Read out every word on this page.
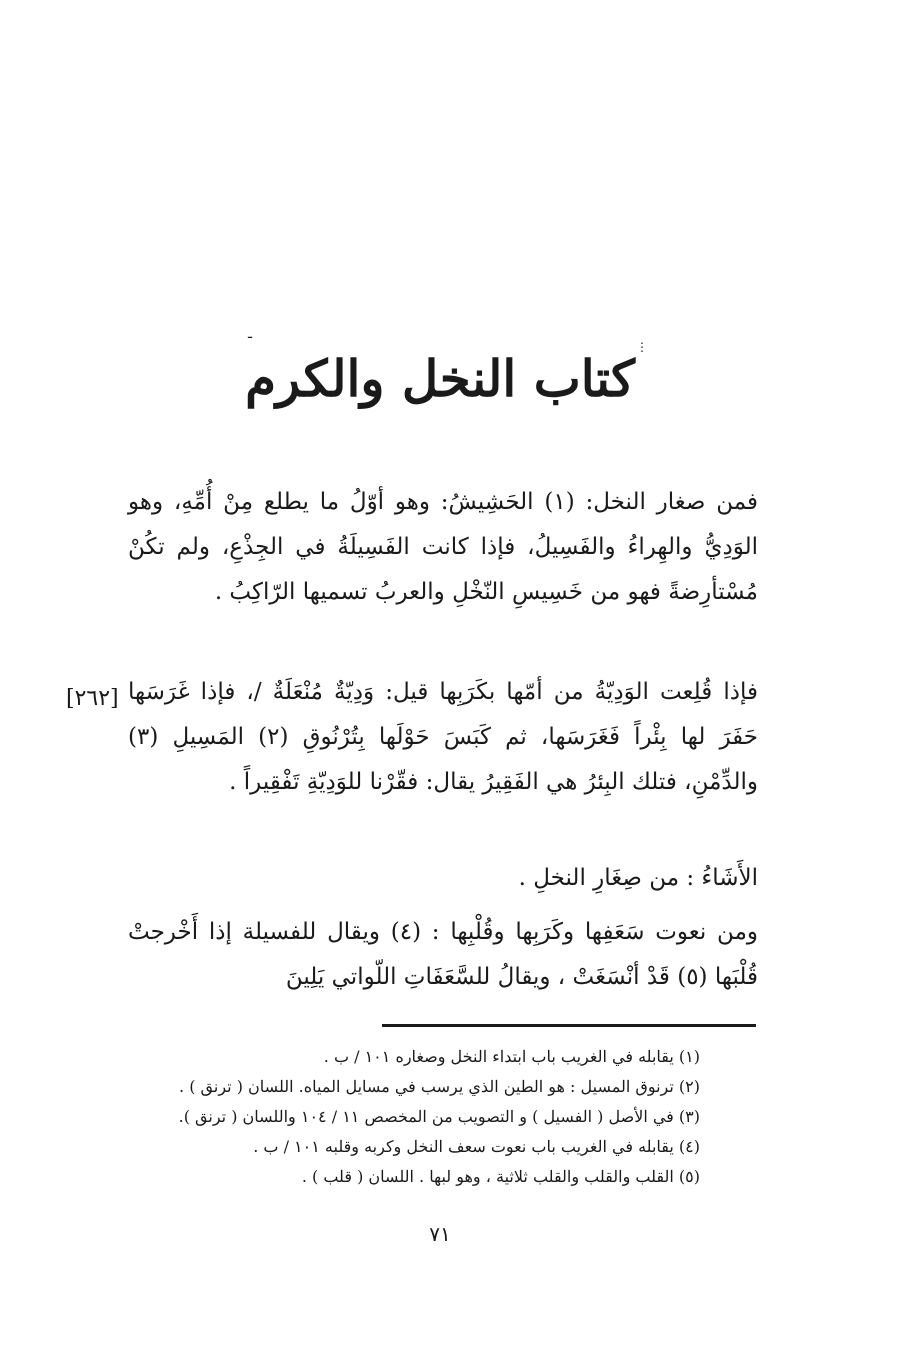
ـ
كتاب النخل والكرم
⋮

فمن صغار النخل: (١) الحَشِيشُ: وهو أوّلُ ما يطلع مِنْ أُمِّهِ، وهو الوَدِيُّ والهِراءُ والفَسِيلُ، فإذا كانت الفَسِيلَةُ في الجِذْعِ، ولم تكُنْ مُسْتأرِضةً فهو من خَسِيسِ النّخْلِ والعربُ تسميها الرّاكِبُ .

فإذا قُلِعت الوَدِيّةُ من أمّها بكَرَبِها قيل: وَدِيّةٌ مُنْعَلَةٌ /، فإذا غَرَسَها حَفَرَ لها بِئْراً فَغَرَسَها، ثم كَبَسَ حَوْلَها بِتُرْنُوقِ (٢) المَسِيلِ (٣) والدِّمْنِ، فتلك البِئرُ هي الفَقِيرُ يقال: فقّرْنا للوَدِيّةِ تَفْقِيراً .

الأَشَاءُ : من صِغَارِ النخلِ .

ومن نعوت سَعَفِها وكَرَبِها وقُلْبِها : (٤) ويقال للفسيلة إذا أَخْرجتْ قُلْبَها (٥) قَدْ أنْسَغَتْ ، ويقالُ للسَّعَفَاتِ اللّواتي يَلِينَ

[٢٦٢]

(١) يقابله في الغريب باب ابتداء النخل وصغاره ١٠١ / ب .

(٢) ترنوق المسيل : هو الطين الذي يرسب في مسايل المياه. اللسان ( ترنق ) .

(٣) في الأصل ( الفسيل ) و التصويب من المخصص ١١ / ١٠٤ واللسان ( ترنق ).

(٤) يقابله في الغريب باب نعوت سعف النخل وكربه وقلبه ١٠١ / ب .

(٥) القلب والقلب والقلب ثلاثية ، وهو لبها . اللسان ( قلب ) .

٧١
